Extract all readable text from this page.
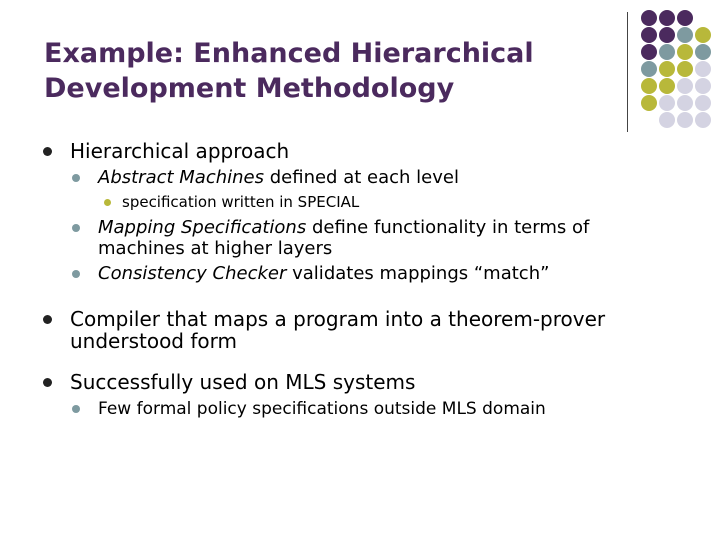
Example: Enhanced Hierarchical
Development Methodology
Hierarchical approach
Abstract Machines defined at each level
specification written in SPECIAL
Mapping Specifications define functionality in terms of
machines at higher layers
Consistency Checker validates mappings “match”
Compiler that maps a program into a theorem-prover
understood form
Successfully used on MLS systems
Few formal policy specifications outside MLS domain
